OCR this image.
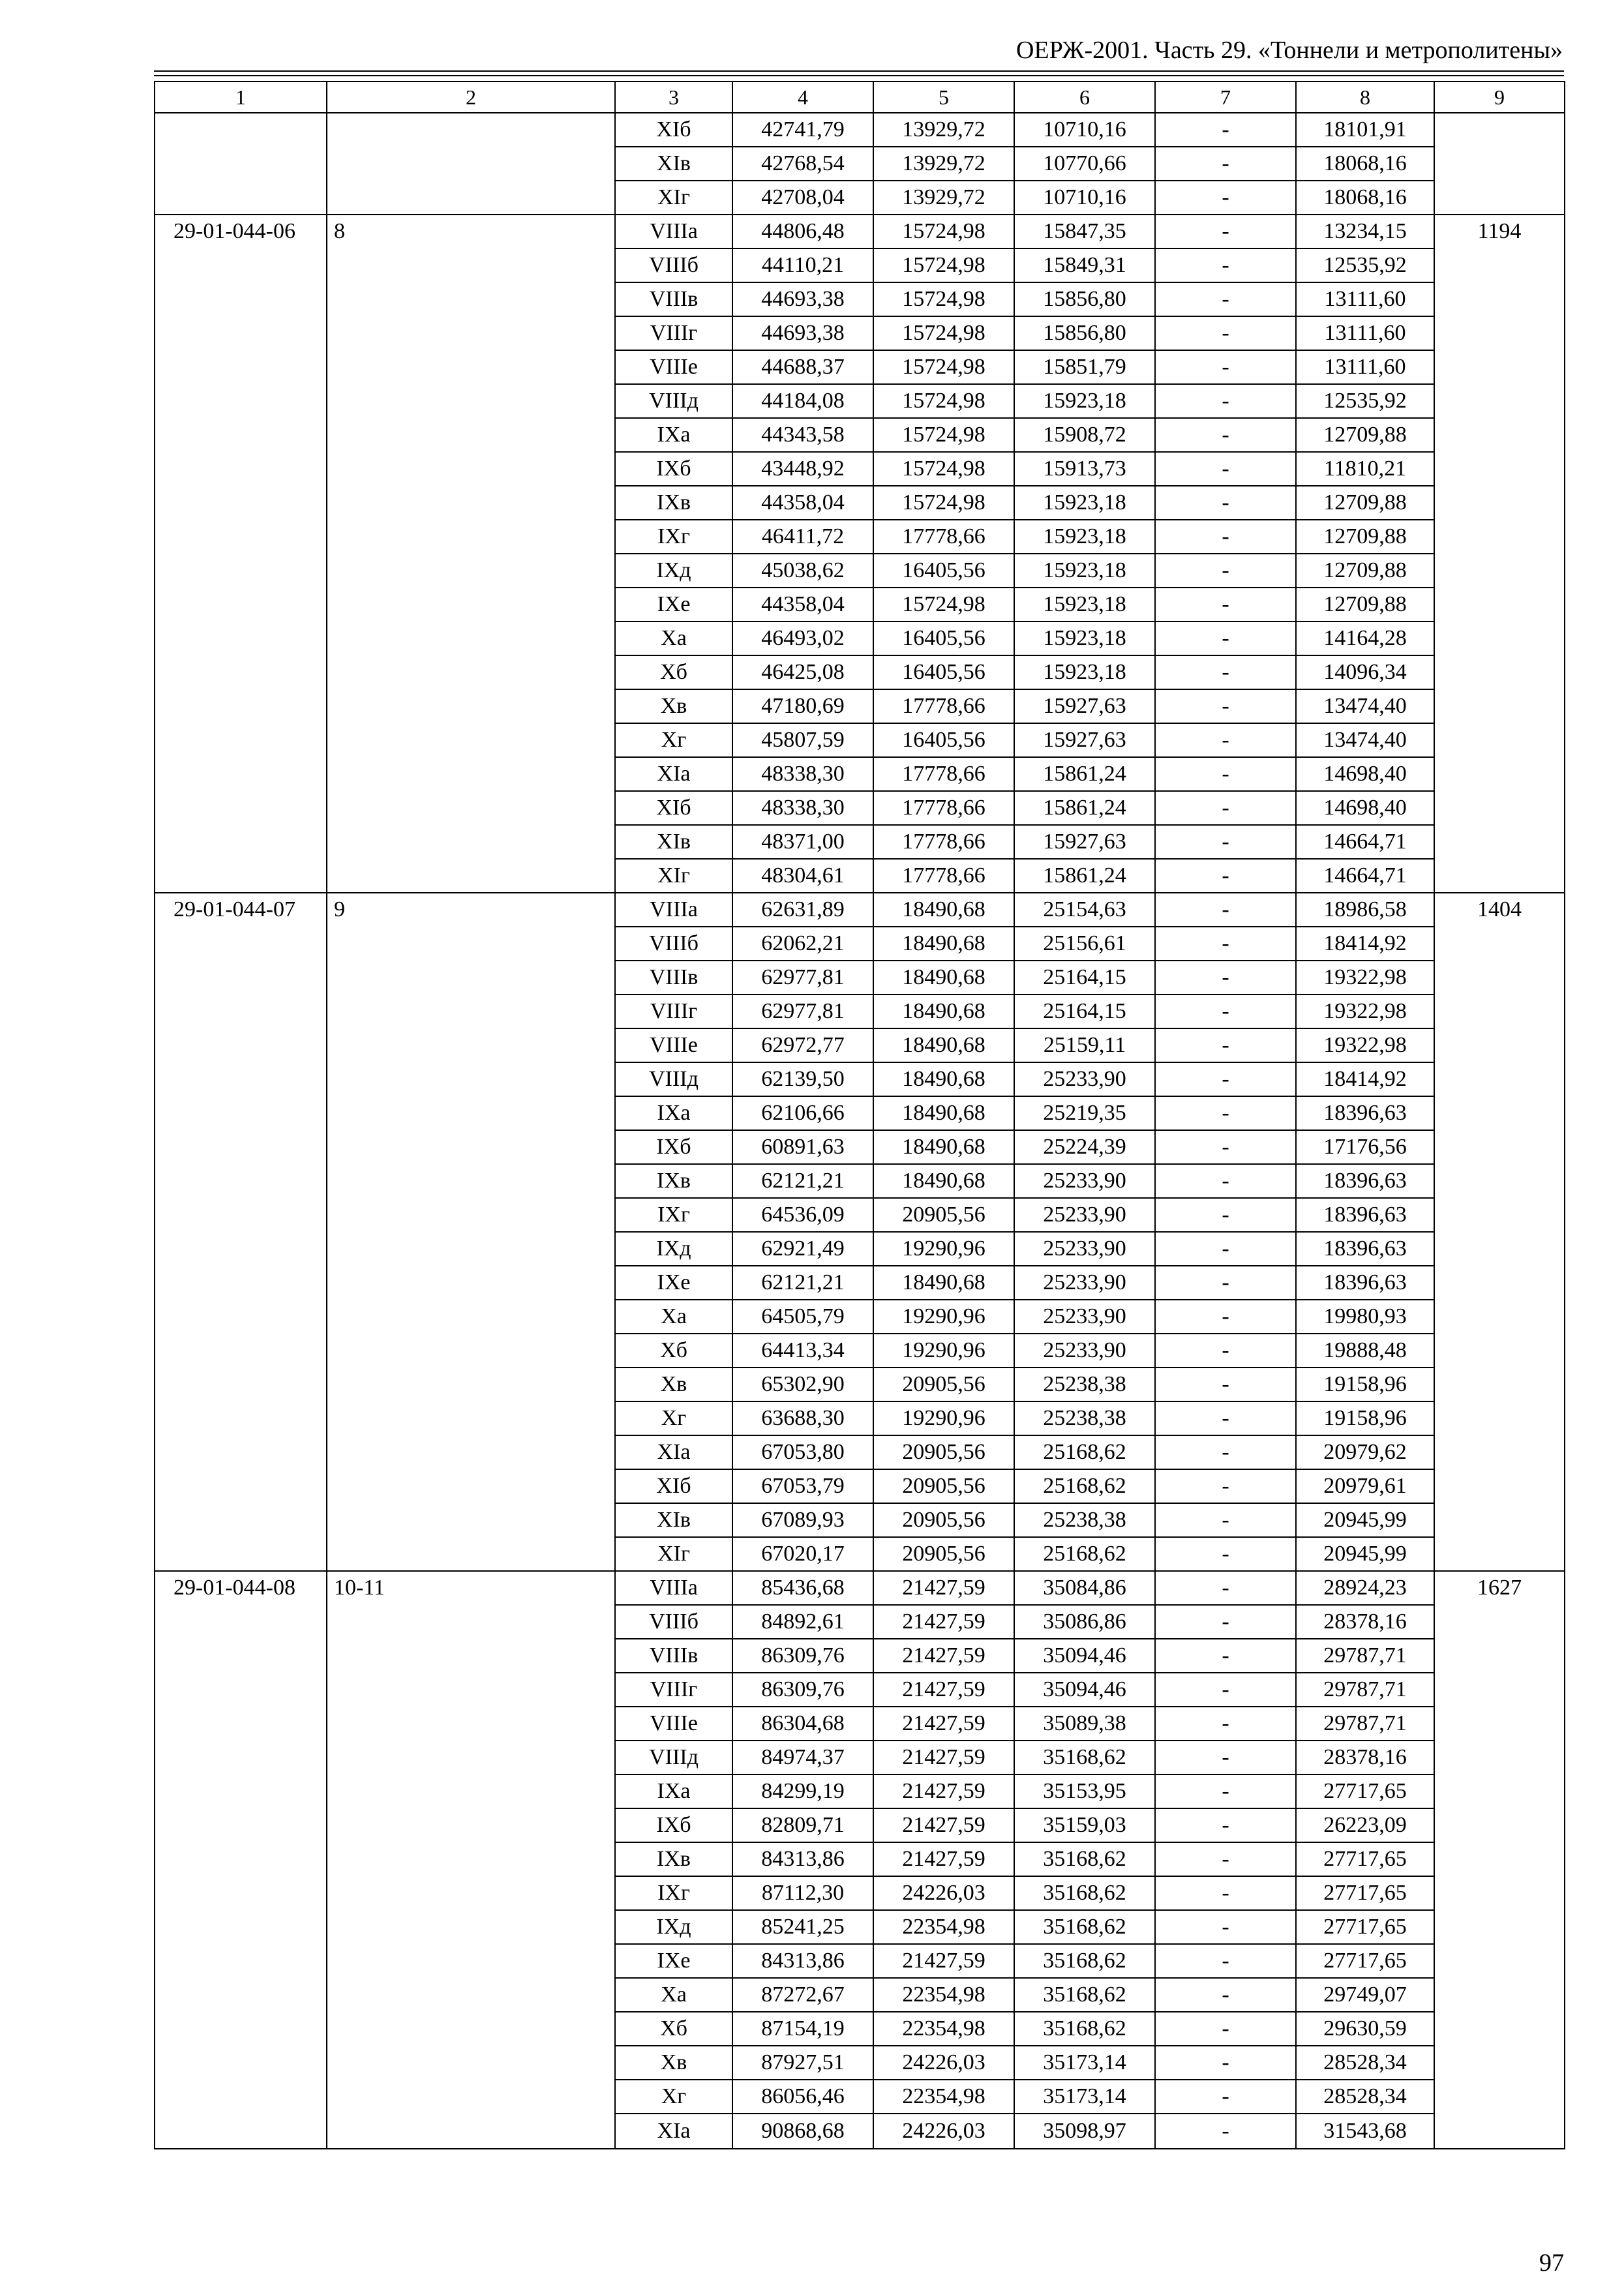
ОЕРЖ-2001. Часть 29. «Тоннели и метрополитены»
1	2	3	4	5	6	7	8	9
		XIб	42741,79	13929,72	10710,16	-	18101,91	
		XIв	42768,54	13929,72	10770,66	-	18068,16	
		XIг	42708,04	13929,72	10710,16	-	18068,16	
29-01-044-06	8	VIIIа	44806,48	15724,98	15847,35	-	13234,15	1194
		VIIIб	44110,21	15724,98	15849,31	-	12535,92	
		VIIIв	44693,38	15724,98	15856,80	-	13111,60	
		VIIIг	44693,38	15724,98	15856,80	-	13111,60	
		VIIIе	44688,37	15724,98	15851,79	-	13111,60	
		VIIIд	44184,08	15724,98	15923,18	-	12535,92	
		IXа	44343,58	15724,98	15908,72	-	12709,88	
		IXб	43448,92	15724,98	15913,73	-	11810,21	
		IXв	44358,04	15724,98	15923,18	-	12709,88	
		IXг	46411,72	17778,66	15923,18	-	12709,88	
		IXд	45038,62	16405,56	15923,18	-	12709,88	
		IXе	44358,04	15724,98	15923,18	-	12709,88	
		Xа	46493,02	16405,56	15923,18	-	14164,28	
		Xб	46425,08	16405,56	15923,18	-	14096,34	
		Xв	47180,69	17778,66	15927,63	-	13474,40	
		Xг	45807,59	16405,56	15927,63	-	13474,40	
		XIа	48338,30	17778,66	15861,24	-	14698,40	
		XIб	48338,30	17778,66	15861,24	-	14698,40	
		XIв	48371,00	17778,66	15927,63	-	14664,71	
		XIг	48304,61	17778,66	15861,24	-	14664,71	
29-01-044-07	9	VIIIа	62631,89	18490,68	25154,63	-	18986,58	1404
		VIIIб	62062,21	18490,68	25156,61	-	18414,92	
		VIIIв	62977,81	18490,68	25164,15	-	19322,98	
		VIIIг	62977,81	18490,68	25164,15	-	19322,98	
		VIIIе	62972,77	18490,68	25159,11	-	19322,98	
		VIIIд	62139,50	18490,68	25233,90	-	18414,92	
		IXа	62106,66	18490,68	25219,35	-	18396,63	
		IXб	60891,63	18490,68	25224,39	-	17176,56	
		IXв	62121,21	18490,68	25233,90	-	18396,63	
		IXг	64536,09	20905,56	25233,90	-	18396,63	
		IXд	62921,49	19290,96	25233,90	-	18396,63	
		IXе	62121,21	18490,68	25233,90	-	18396,63	
		Xа	64505,79	19290,96	25233,90	-	19980,93	
		Xб	64413,34	19290,96	25233,90	-	19888,48	
		Xв	65302,90	20905,56	25238,38	-	19158,96	
		Xг	63688,30	19290,96	25238,38	-	19158,96	
		XIа	67053,80	20905,56	25168,62	-	20979,62	
		XIб	67053,79	20905,56	25168,62	-	20979,61	
		XIв	67089,93	20905,56	25238,38	-	20945,99	
		XIг	67020,17	20905,56	25168,62	-	20945,99	
29-01-044-08	10-11	VIIIа	85436,68	21427,59	35084,86	-	28924,23	1627
		VIIIб	84892,61	21427,59	35086,86	-	28378,16	
		VIIIв	86309,76	21427,59	35094,46	-	29787,71	
		VIIIг	86309,76	21427,59	35094,46	-	29787,71	
		VIIIе	86304,68	21427,59	35089,38	-	29787,71	
		VIIIд	84974,37	21427,59	35168,62	-	28378,16	
		IXа	84299,19	21427,59	35153,95	-	27717,65	
		IXб	82809,71	21427,59	35159,03	-	26223,09	
		IXв	84313,86	21427,59	35168,62	-	27717,65	
		IXг	87112,30	24226,03	35168,62	-	27717,65	
		IXд	85241,25	22354,98	35168,62	-	27717,65	
		IXе	84313,86	21427,59	35168,62	-	27717,65	
		Xа	87272,67	22354,98	35168,62	-	29749,07	
		Xб	87154,19	22354,98	35168,62	-	29630,59	
		Xв	87927,51	24226,03	35173,14	-	28528,34	
		Xг	86056,46	22354,98	35173,14	-	28528,34	
		XIа	90868,68	24226,03	35098,97	-	31543,68	
97
